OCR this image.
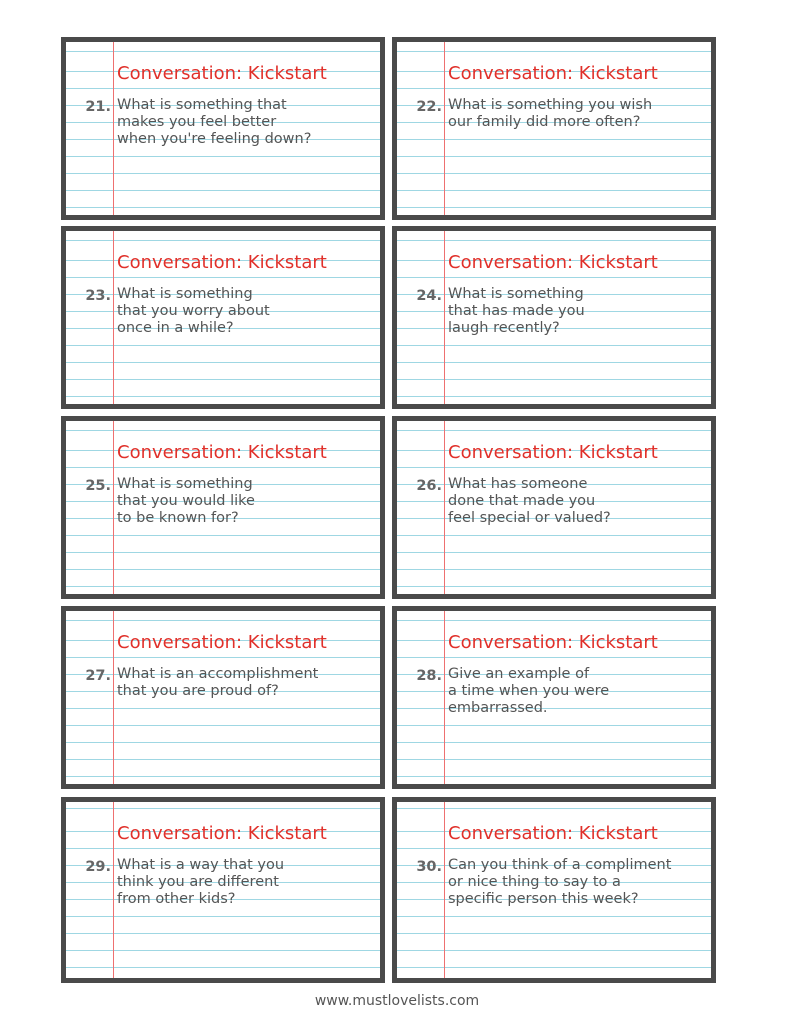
Conversation: Kickstart
21. What is something that
makes you feel better
when you're feeling down?
Conversation: Kickstart
22. What is something you wish
our family did more often?
Conversation: Kickstart
23. What is something
that you worry about
once in a while?
Conversation: Kickstart
24. What is something
that has made you
laugh recently?
Conversation: Kickstart
25. What is something
that you would like
to be known for?
Conversation: Kickstart
26. What has someone
done that made you
feel special or valued?
Conversation: Kickstart
27. What is an accomplishment
that you are proud of?
Conversation: Kickstart
28. Give an example of
a time when you were
embarrassed.
Conversation: Kickstart
29. What is a way that you
think you are different
from other kids?
Conversation: Kickstart
30. Can you think of a compliment
or nice thing to say to a
specific person this week?
www.mustlovelists.com
